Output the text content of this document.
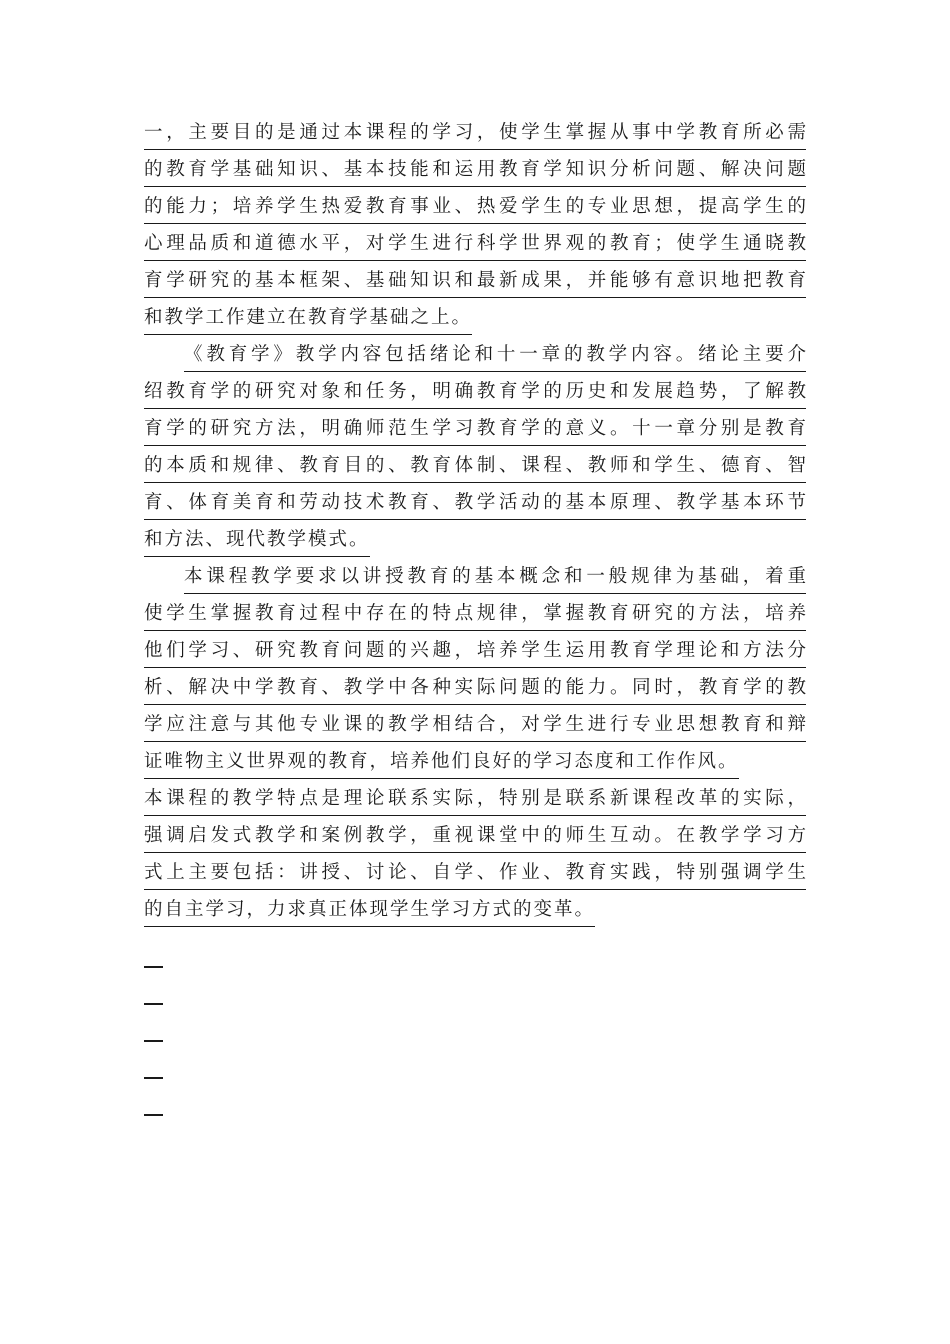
一，主要目的是通过本课程的学习，使学生掌握从事中学教育所必需
的教育学基础知识、基本技能和运用教育学知识分析问题、解决问题
的能力；培养学生热爱教育事业、热爱学生的专业思想，提高学生的
心理品质和道德水平，对学生进行科学世界观的教育；使学生通晓教
育学研究的基本框架、基础知识和最新成果，并能够有意识地把教育
和教学工作建立在教育学基础之上。
《教育学》教学内容包括绪论和十一章的教学内容。绪论主要介
绍教育学的研究对象和任务，明确教育学的历史和发展趋势，了解教
育学的研究方法，明确师范生学习教育学的意义。十一章分别是教育
的本质和规律、教育目的、教育体制、课程、教师和学生、德育、智
育、体育美育和劳动技术教育、教学活动的基本原理、教学基本环节
和方法、现代教学模式。
本课程教学要求以讲授教育的基本概念和一般规律为基础，着重
使学生掌握教育过程中存在的特点规律，掌握教育研究的方法，培养
他们学习、研究教育问题的兴趣，培养学生运用教育学理论和方法分
析、解决中学教育、教学中各种实际问题的能力。同时，教育学的教
学应注意与其他专业课的教学相结合，对学生进行专业思想教育和辩
证唯物主义世界观的教育，培养他们良好的学习态度和工作作风。
本课程的教学特点是理论联系实际，特别是联系新课程改革的实际，
强调启发式教学和案例教学，重视课堂中的师生互动。在教学学习方
式上主要包括：讲授、讨论、自学、作业、教育实践，特别强调学生
的自主学习，力求真正体现学生学习方式的变革。
